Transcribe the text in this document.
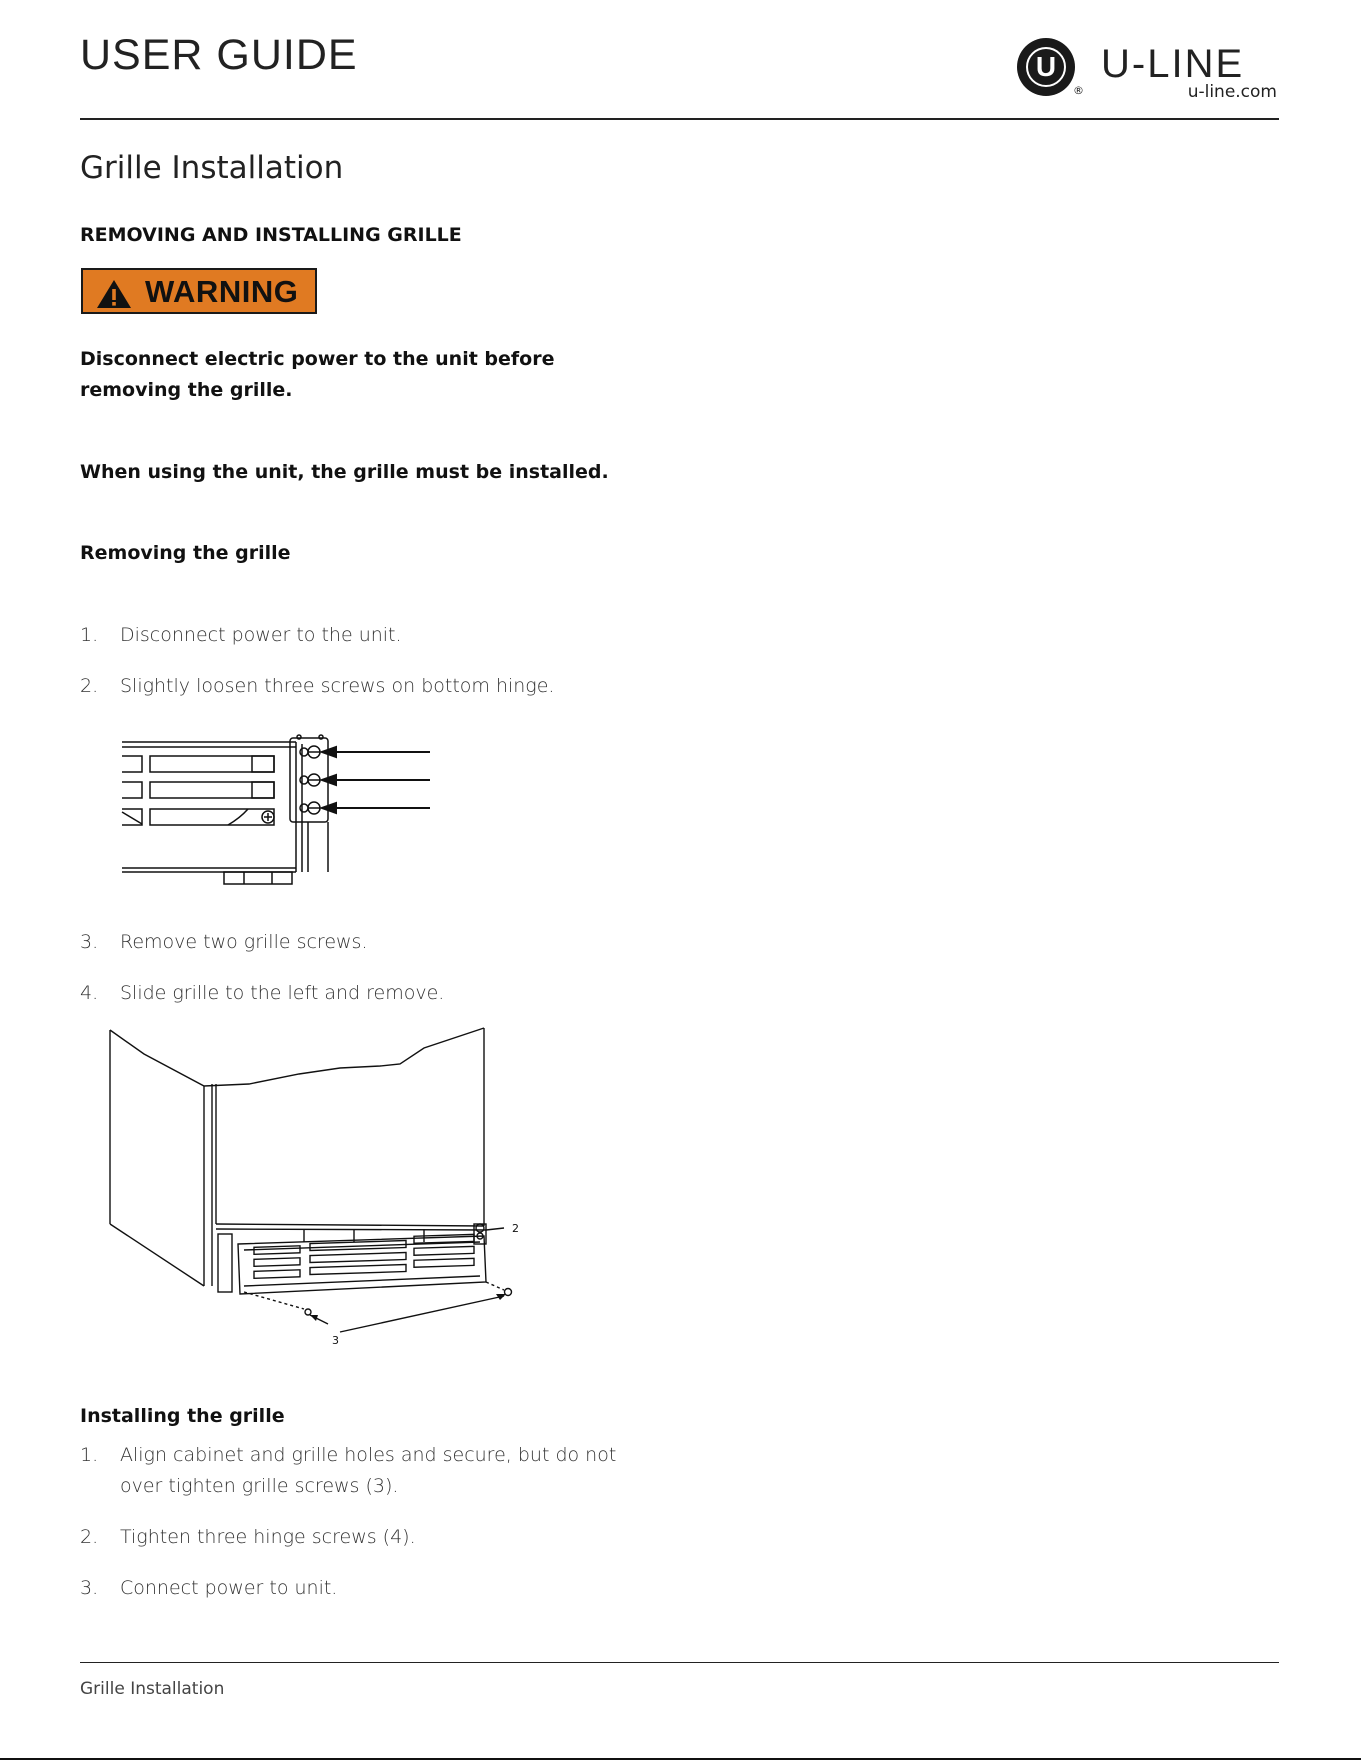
USER GUIDE	U
®
U-LINE
u-line.com
Grille Installation
REMOVING AND INSTALLING GRILLE
WARNING
Disconnect electric power to the unit before
removing the grille.
When using the unit, the grille must be installed.
Removing the grille
1. Disconnect power to the unit.
2. Slightly loosen three screws on bottom hinge.
3. Remove two grille screws.
4. Slide grille to the left and remove.
2
3
Installing the grille
1. Align cabinet and grille holes and secure, but do not
over tighten grille screws (3).
2. Tighten three hinge screws (4).
3. Connect power to unit.
Grille Installation
